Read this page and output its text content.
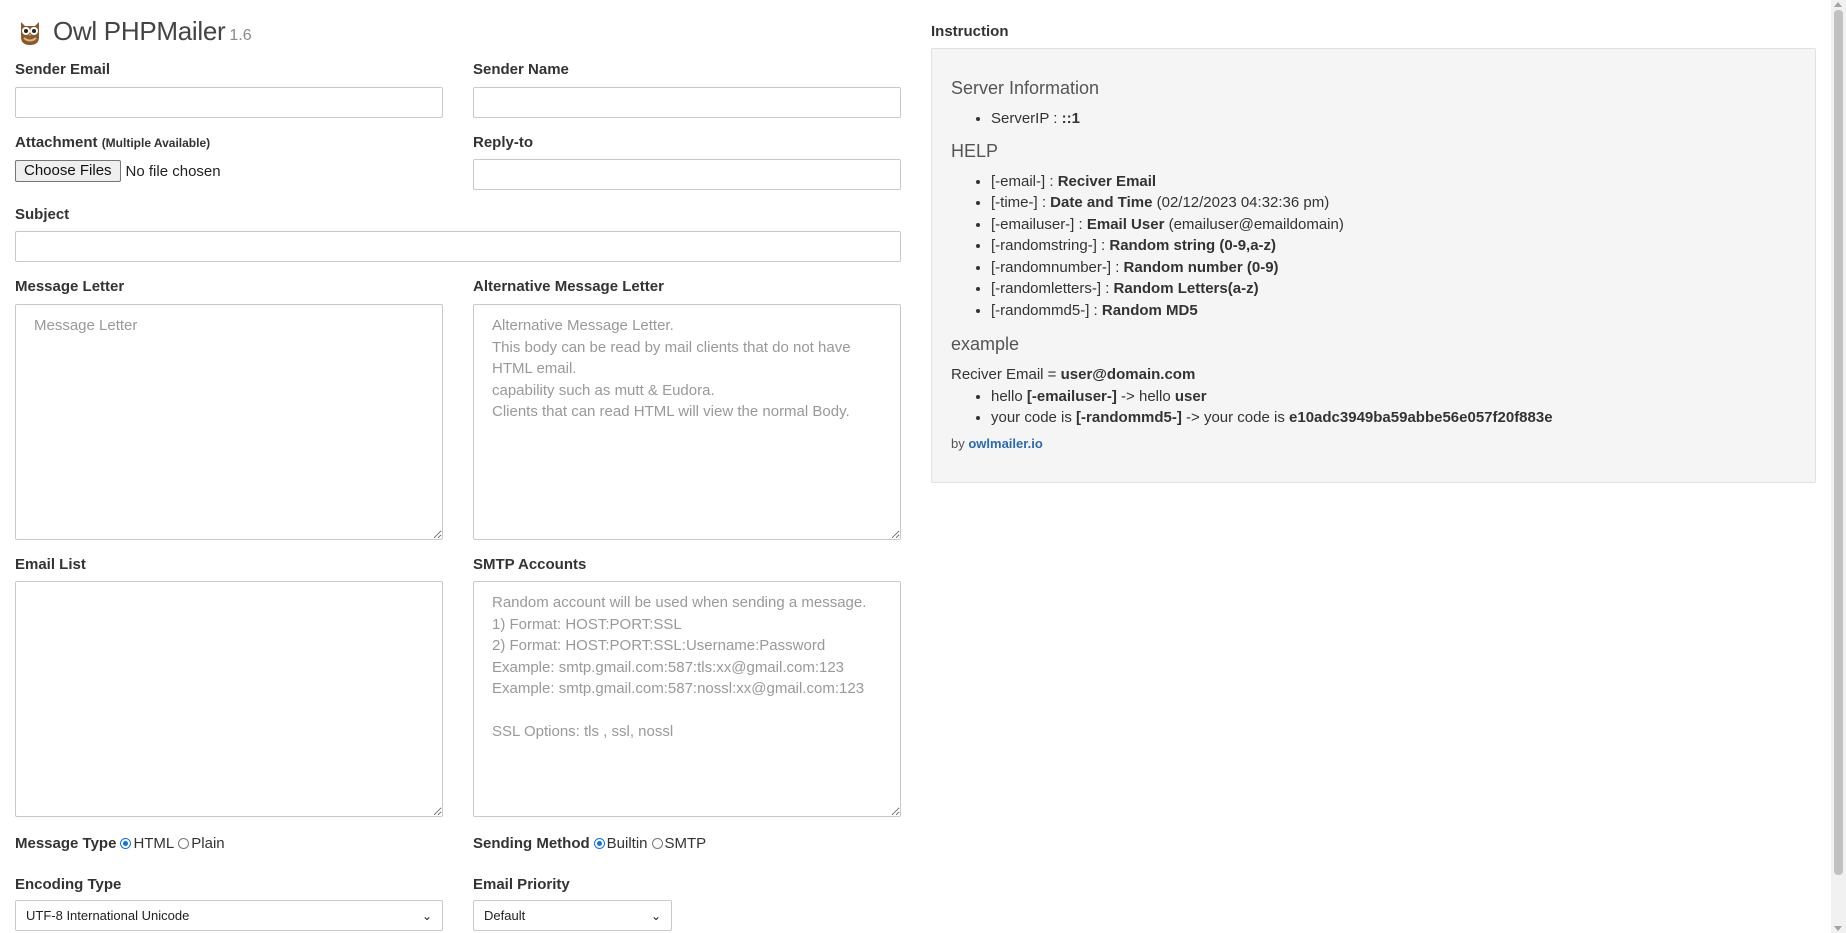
Owl PHPMailer 1.6
Sender Email	Sender Name
Attachment (Multiple Available)
Choose Files No file chosen
Reply-to
Subject
Message Letter
Message Letter	Alternative Message Letter
Alternative Message Letter. This body can be read by mail clients that do not have HTML email. capability such as mutt & Eudora. Clients that can read HTML will view the normal Body.
Email List	SMTP Accounts
Random account will be used when sending a message. 1) Format: HOST:PORT:SSL 2) Format: HOST:PORT:SSL:Username:Password Example: smtp.gmail.com:587:tls:xx@gmail.com:123 Example: smtp.gmail.com:587:nossl:xx@gmail.com:123 SSL Options: tls , ssl, nossl
Message Type HTML Plain	Sending Method Builtin SMTP
Encoding Type
UTF-8 International Unicode	⌄
Email Priority
Default	⌄
Instruction
Server Information
• ServerIP : ::1
HELP
• [-email-] : Reciver Email
• [-time-] : Date and Time (02/12/2023 04:32:36 pm)
• [-emailuser-] : Email User (emailuser@emaildomain)
• [-randomstring-] : Random string (0-9,a-z)
• [-randomnumber-] : Random number (0-9)
• [-randomletters-] : Random Letters(a-z)
• [-randommd5-] : Random MD5
example

Reciver Email = user@domain.com

• hello [-emailuser-] -> hello user
• your code is [-randommd5-] -> your code is e10adc3949ba59abbe56e057f20f883e

by owlmailer.io
